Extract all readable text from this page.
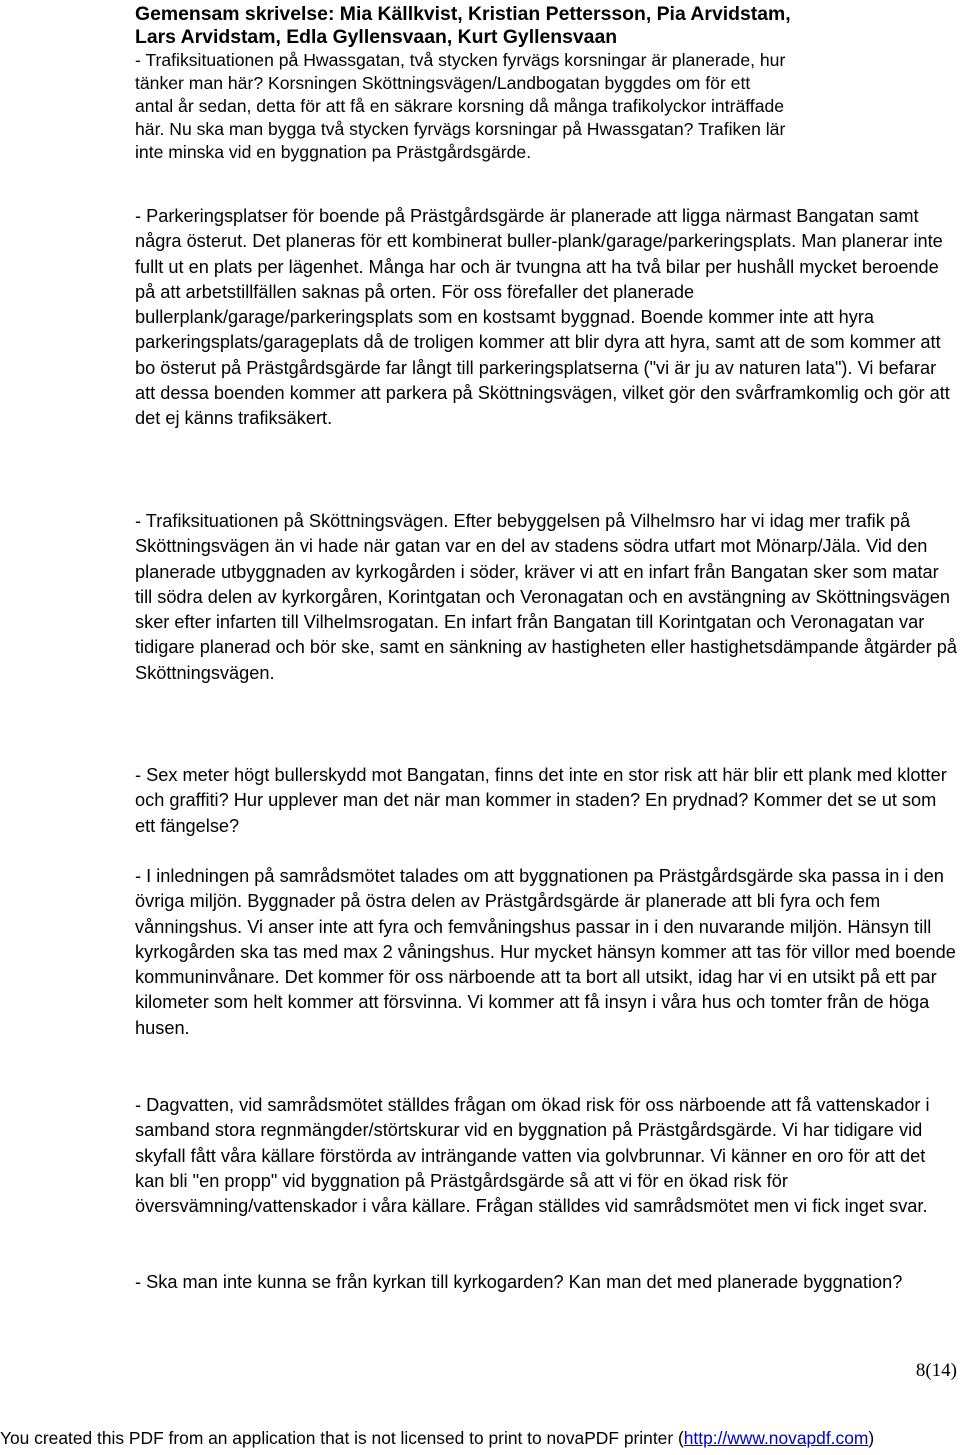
Gemensam skrivelse: Mia Källkvist, Kristian Pettersson, Pia Arvidstam,

Lars Arvidstam, Edla Gyllensvaan, Kurt Gyllensvaan

- Trafiksituationen på Hwassgatan, två stycken fyrvägs korsningar är planerade, hur

tänker man här? Korsningen Sköttningsvägen/Landbogatan byggdes om för ett

antal år sedan, detta för att få en säkrare korsning då många trafikolyckor inträffade

här. Nu ska man bygga två stycken fyrvägs korsningar på Hwassgatan? Trafiken lär

inte minska vid en byggnation pa Prästgårdsgärde.

- Parkeringsplatser för boende på Prästgårdsgärde är planerade att ligga närmast Bangatan samt några österut. Det planeras för ett kombinerat buller-plank/garage/parkeringsplats. Man planerar inte fullt ut en plats per lägenhet. Många har och är tvungna att ha två bilar per hushåll mycket beroende på att arbetstillfällen saknas på orten. För oss förefaller det planerade bullerplank/garage/parkeringsplats som en kostsamt byggnad. Boende kommer inte att hyra parkeringsplats/garageplats då de troligen kommer att blir dyra att hyra, samt att de som kommer att bo österut på Prästgårdsgärde far långt till parkeringsplatserna ("vi är ju av naturen lata"). Vi befarar att dessa boenden kommer att parkera på Sköttningsvägen, vilket gör den svårframkomlig och gör att det ej känns trafiksäkert.

- Trafiksituationen på Sköttningsvägen. Efter bebyggelsen på Vilhelmsro har vi idag mer trafik på Sköttningsvägen än vi hade när gatan var en del av stadens södra utfart mot Mönarp/Jäla. Vid den planerade utbyggnaden av kyrkogården i söder, kräver vi att en infart från Bangatan sker som matar till södra delen av kyrkorgåren, Korintgatan och Veronagatan och en avstängning av Sköttningsvägen sker efter infarten till Vilhelmsrogatan. En infart från Bangatan till Korintgatan och Veronagatan var tidigare planerad och bör ske, samt en sänkning av hastigheten eller hastighetsdämpande åtgärder på Sköttningsvägen.

- Sex meter högt bullerskydd mot Bangatan, finns det inte en stor risk att här blir ett plank med klotter och graffiti? Hur upplever man det när man kommer in staden? En prydnad? Kommer det se ut som ett fängelse?

- I inledningen på samrådsmötet talades om att byggnationen pa Prästgårdsgärde ska passa in i den övriga miljön. Byggnader på östra delen av Prästgårdsgärde är planerade att bli fyra och fem vånningshus. Vi anser inte att fyra och femvåningshus passar in i den nuvarande miljön. Hänsyn till kyrkogården ska tas med max 2 våningshus. Hur mycket hänsyn kommer att tas för villor med boende kommuninvånare. Det kommer för oss närboende att ta bort all utsikt, idag har vi en utsikt på ett par kilometer som helt kommer att försvinna. Vi kommer att få insyn i våra hus och tomter från de höga husen.

- Dagvatten, vid samrådsmötet ställdes frågan om ökad risk för oss närboende att få vattenskador i samband stora regnmängder/störtskurar vid en byggnation på Prästgårdsgärde. Vi har tidigare vid skyfall fått våra källare förstörda av inträngande vatten via golvbrunnar. Vi känner en oro för att det kan bli "en propp" vid byggnation på Prästgårdsgärde så att vi för en ökad risk för översvämning/vattenskador i våra källare. Frågan ställdes vid samrådsmötet men vi fick inget svar.

- Ska man inte kunna se från kyrkan till kyrkogarden? Kan man det med planerade byggnation?

8(14)
You created this PDF from an application that is not licensed to print to novaPDF printer (http://www.novapdf.com)
